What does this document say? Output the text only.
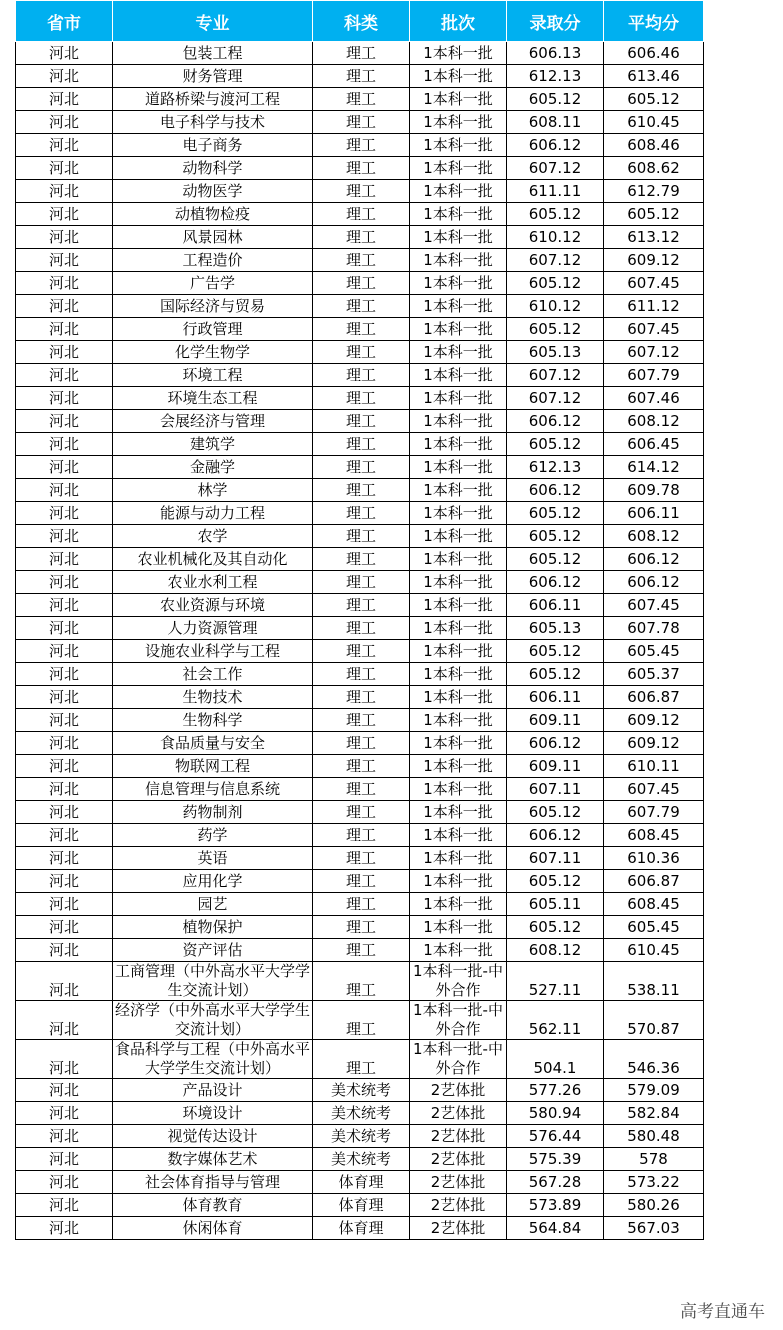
省市	专业	科类	批次	录取分	平均分
河北	包装工程	理工	1本科一批	606.13	606.46
河北	财务管理	理工	1本科一批	612.13	613.46
河北	道路桥梁与渡河工程	理工	1本科一批	605.12	605.12
河北	电子科学与技术	理工	1本科一批	608.11	610.45
河北	电子商务	理工	1本科一批	606.12	608.46
河北	动物科学	理工	1本科一批	607.12	608.62
河北	动物医学	理工	1本科一批	611.11	612.79
河北	动植物检疫	理工	1本科一批	605.12	605.12
河北	风景园林	理工	1本科一批	610.12	613.12
河北	工程造价	理工	1本科一批	607.12	609.12
河北	广告学	理工	1本科一批	605.12	607.45
河北	国际经济与贸易	理工	1本科一批	610.12	611.12
河北	行政管理	理工	1本科一批	605.12	607.45
河北	化学生物学	理工	1本科一批	605.13	607.12
河北	环境工程	理工	1本科一批	607.12	607.79
河北	环境生态工程	理工	1本科一批	607.12	607.46
河北	会展经济与管理	理工	1本科一批	606.12	608.12
河北	建筑学	理工	1本科一批	605.12	606.45
河北	金融学	理工	1本科一批	612.13	614.12
河北	林学	理工	1本科一批	606.12	609.78
河北	能源与动力工程	理工	1本科一批	605.12	606.11
河北	农学	理工	1本科一批	605.12	608.12
河北	农业机械化及其自动化	理工	1本科一批	605.12	606.12
河北	农业水利工程	理工	1本科一批	606.12	606.12
河北	农业资源与环境	理工	1本科一批	606.11	607.45
河北	人力资源管理	理工	1本科一批	605.13	607.78
河北	设施农业科学与工程	理工	1本科一批	605.12	605.45
河北	社会工作	理工	1本科一批	605.12	605.37
河北	生物技术	理工	1本科一批	606.11	606.87
河北	生物科学	理工	1本科一批	609.11	609.12
河北	食品质量与安全	理工	1本科一批	606.12	609.12
河北	物联网工程	理工	1本科一批	609.11	610.11
河北	信息管理与信息系统	理工	1本科一批	607.11	607.45
河北	药物制剂	理工	1本科一批	605.12	607.79
河北	药学	理工	1本科一批	606.12	608.45
河北	英语	理工	1本科一批	607.11	610.36
河北	应用化学	理工	1本科一批	605.12	606.87
河北	园艺	理工	1本科一批	605.11	608.45
河北	植物保护	理工	1本科一批	605.12	605.45
河北	资产评估	理工	1本科一批	608.12	610.45
河北	工商管理（中外高水平大学学生交流计划）	理工	1本科一批-中外合作	527.11	538.11
河北	经济学（中外高水平大学学生交流计划）	理工	1本科一批-中外合作	562.11	570.87
河北	食品科学与工程（中外高水平大学学生交流计划）	理工	1本科一批-中外合作	504.1	546.36
河北	产品设计	美术统考	2艺体批	577.26	579.09
河北	环境设计	美术统考	2艺体批	580.94	582.84
河北	视觉传达设计	美术统考	2艺体批	576.44	580.48
河北	数字媒体艺术	美术统考	2艺体批	575.39	578
河北	社会体育指导与管理	体育理	2艺体批	567.28	573.22
河北	体育教育	体育理	2艺体批	573.89	580.26
河北	休闲体育	体育理	2艺体批	564.84	567.03
高考直通车
